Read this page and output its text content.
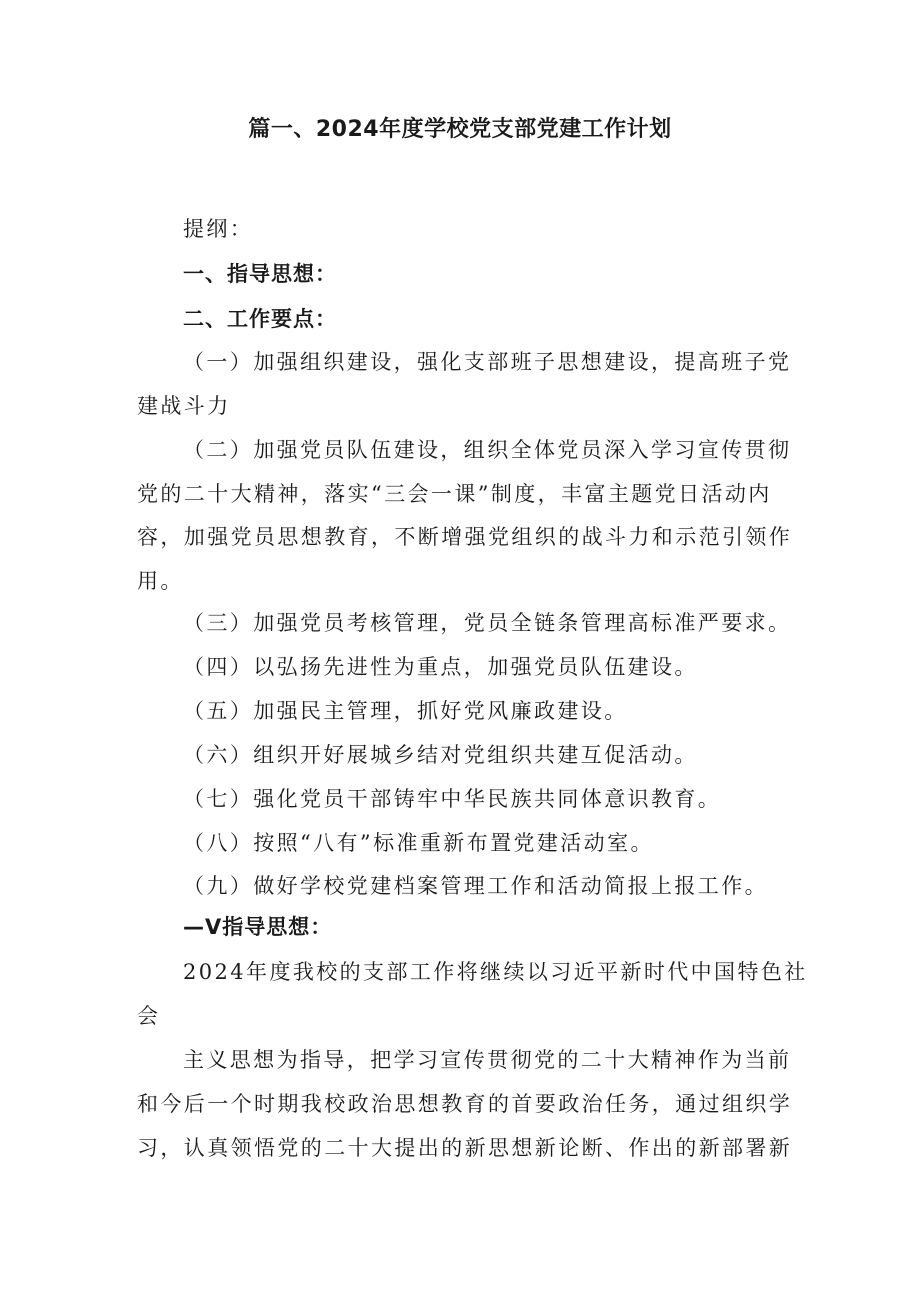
篇一、2024年度学校党支部党建工作计划
提纲：
一、指导思想：
二、工作要点：
（一）加强组织建设，强化支部班子思想建设，提高班子党
建战斗力
（二）加强党员队伍建设，组织全体党员深入学习宣传贯彻
党的二十大精神，落实“三会一课”制度，丰富主题党日活动内
容，加强党员思想教育，不断增强党组织的战斗力和示范引领作
用。
（三）加强党员考核管理，党员全链条管理高标准严要求。
（四）以弘扬先进性为重点，加强党员队伍建设。
（五）加强民主管理，抓好党风廉政建设。
（六）组织开好展城乡结对党组织共建互促活动。
（七）强化党员干部铸牢中华民族共同体意识教育。
（八）按照“八有”标准重新布置党建活动室。
（九）做好学校党建档案管理工作和活动简报上报工作。
—V指导思想：
2024年度我校的支部工作将继续以习近平新时代中国特色社
会
主义思想为指导，把学习宣传贯彻党的二十大精神作为当前
和今后一个时期我校政治思想教育的首要政治任务，通过组织学
习，认真领悟党的二十大提出的新思想新论断、作出的新部署新
